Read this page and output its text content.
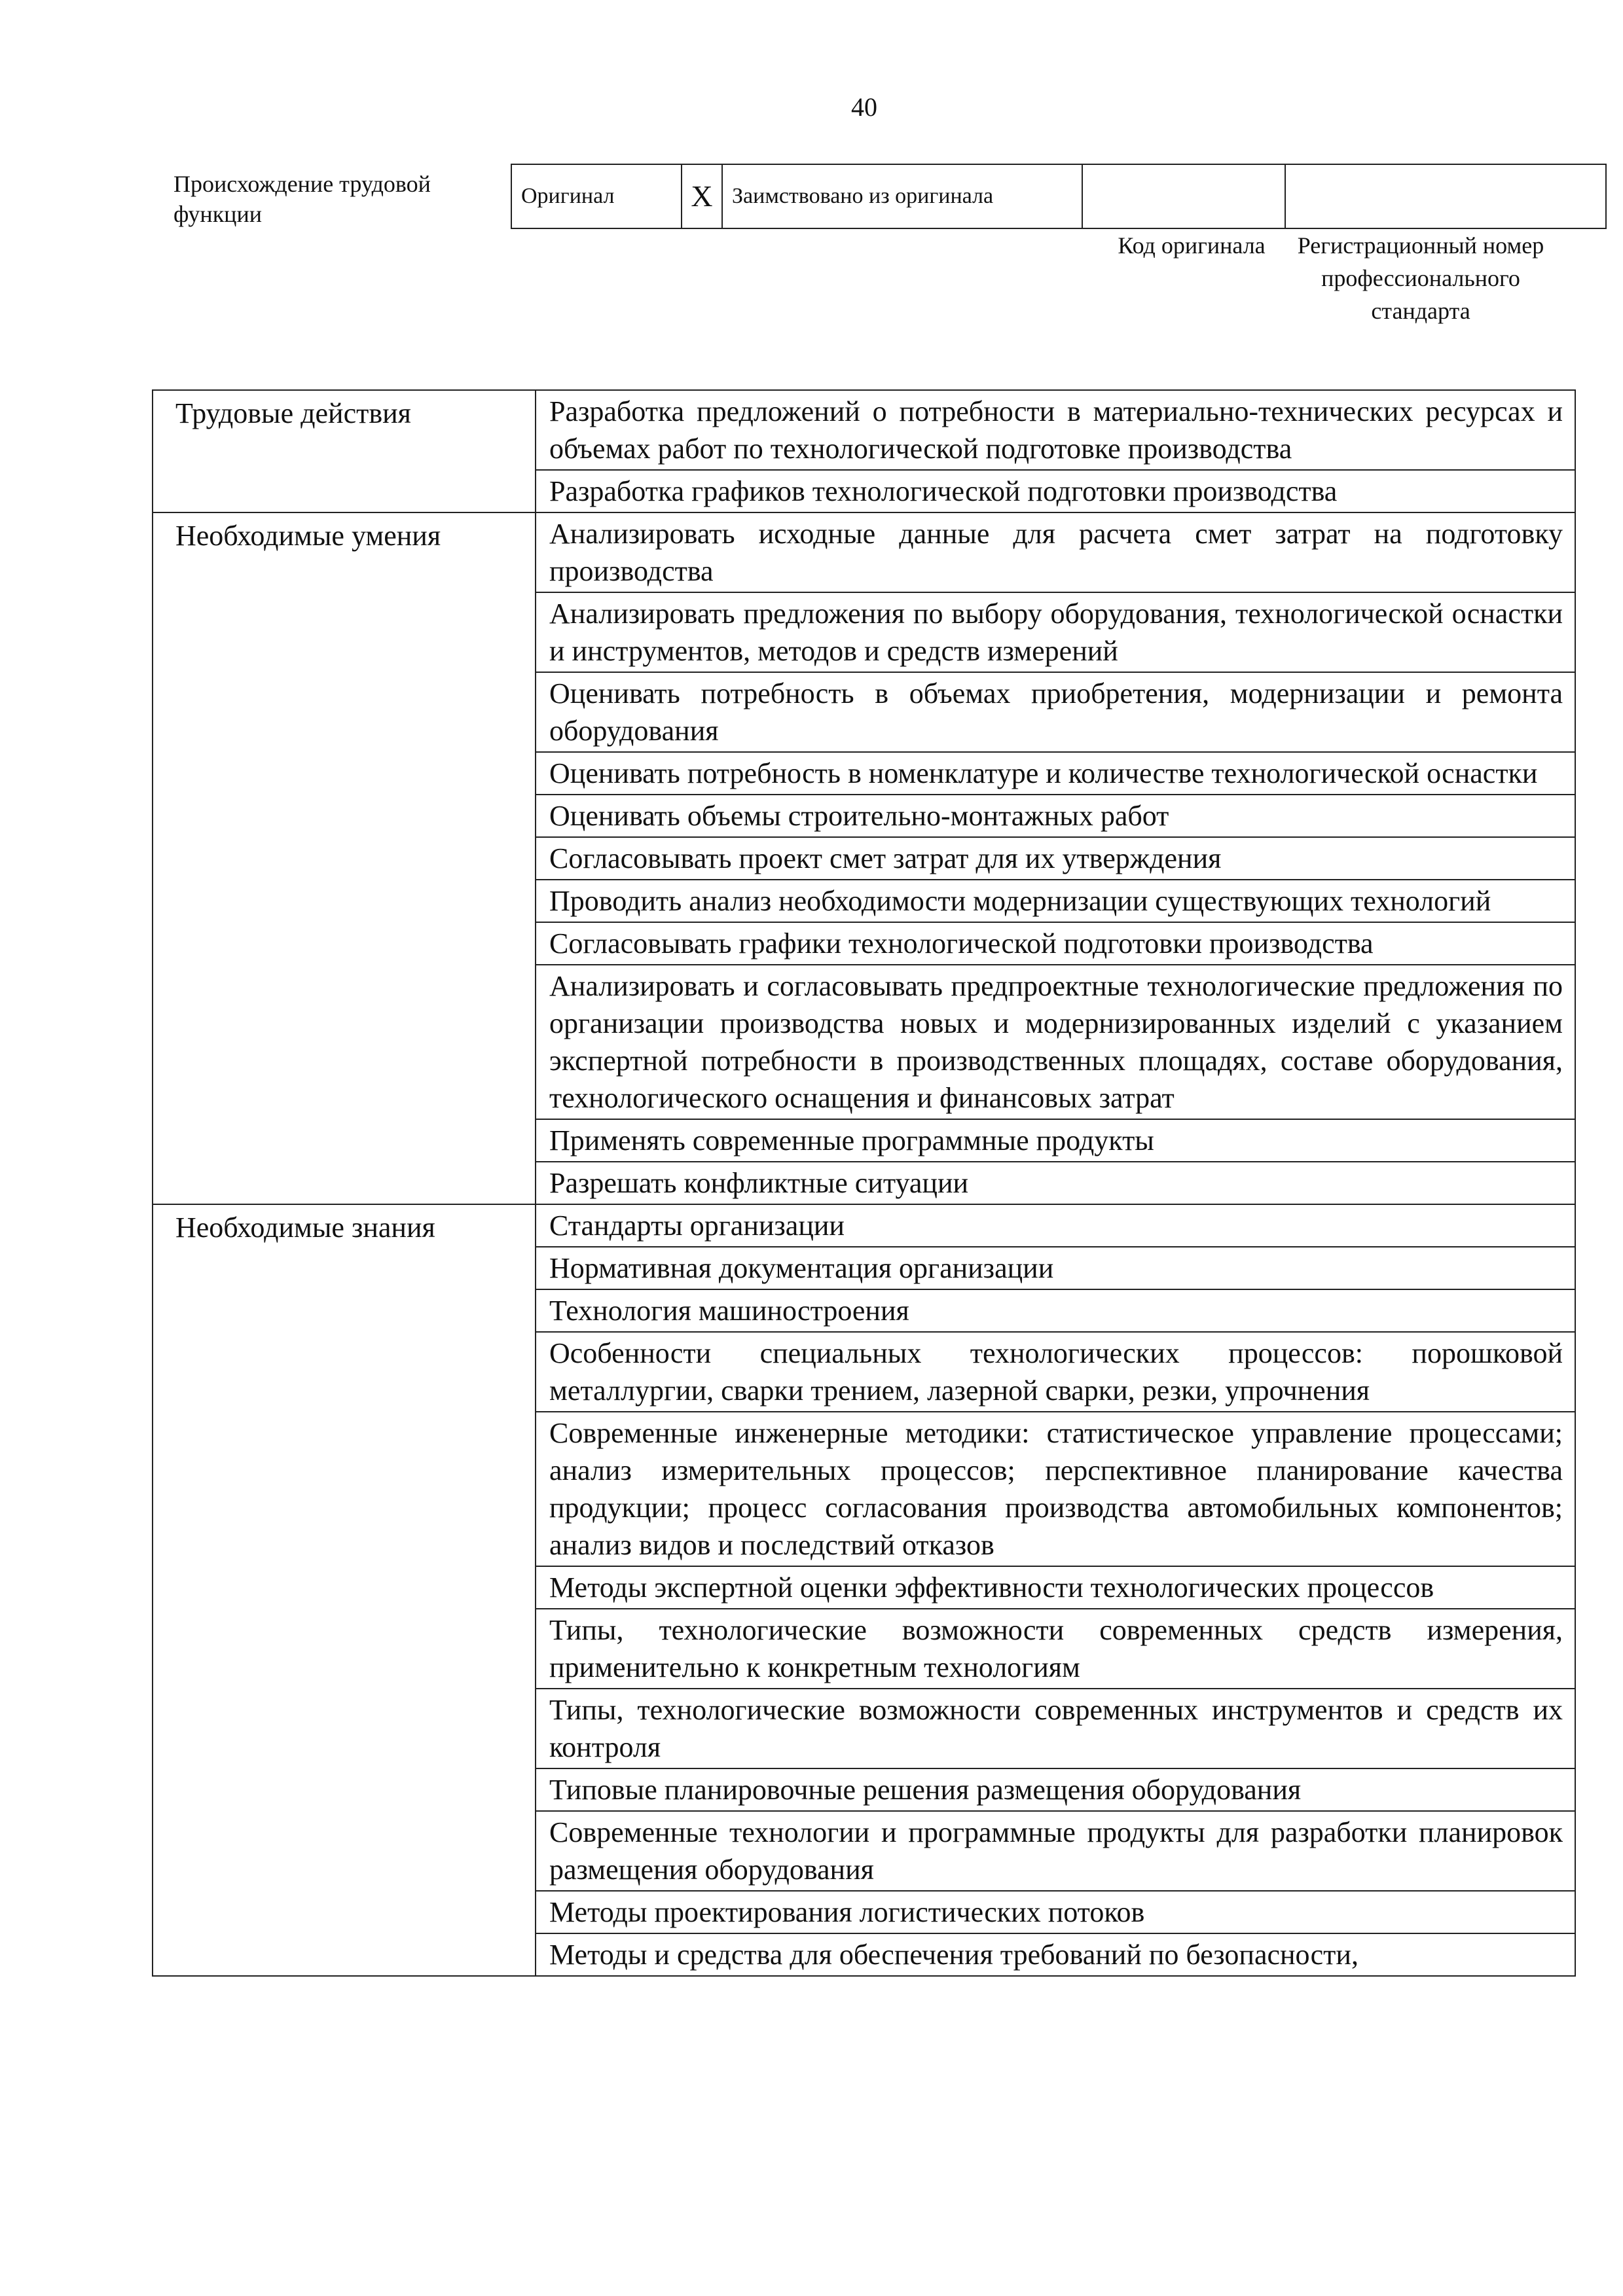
40
Происхождение трудовой функции
Оригинал	X	Заимствовано из оригинала		
Код оригинала	Регистрационный номер профессионального стандарта
Трудовые действия	Разработка предложений о потребности в материально-технических ресурсах и объемах работ по технологической подготовке производства
	Разработка графиков технологической подготовки производства
Необходимые умения	Анализировать исходные данные для расчета смет затрат на подготовку производства
	Анализировать предложения по выбору оборудования, технологической оснастки и инструментов, методов и средств измерений
	Оценивать потребность в объемах приобретения, модернизации и ремонта оборудования
	Оценивать потребность в номенклатуре и количестве технологической оснастки
	Оценивать объемы строительно-монтажных работ
	Согласовывать проект смет затрат для их утверждения
	Проводить анализ необходимости модернизации существующих технологий
	Согласовывать графики технологической подготовки производства
	Анализировать и согласовывать предпроектные технологические предложения по организации производства новых и модернизированных изделий с указанием экспертной потребности в производственных площадях, составе оборудования, технологического оснащения и финансовых затрат
	Применять современные программные продукты
	Разрешать конфликтные ситуации
Необходимые знания	Стандарты организации
	Нормативная документация организации
	Технология машиностроения
	Особенности специальных технологических процессов: порошковой металлургии, сварки трением, лазерной сварки, резки, упрочнения
	Современные инженерные методики: статистическое управление процессами; анализ измерительных процессов; перспективное планирование качества продукции; процесс согласования производства автомобильных компонентов; анализ видов и последствий отказов
	Методы экспертной оценки эффективности технологических процессов
	Типы, технологические возможности современных средств измерения, применительно к конкретным технологиям
	Типы, технологические возможности современных инструментов и средств их контроля
	Типовые планировочные решения размещения оборудования
	Современные технологии и программные продукты для разработки планировок размещения оборудования
	Методы проектирования логистических потоков
	Методы и средства для обеспечения требований по безопасности,
